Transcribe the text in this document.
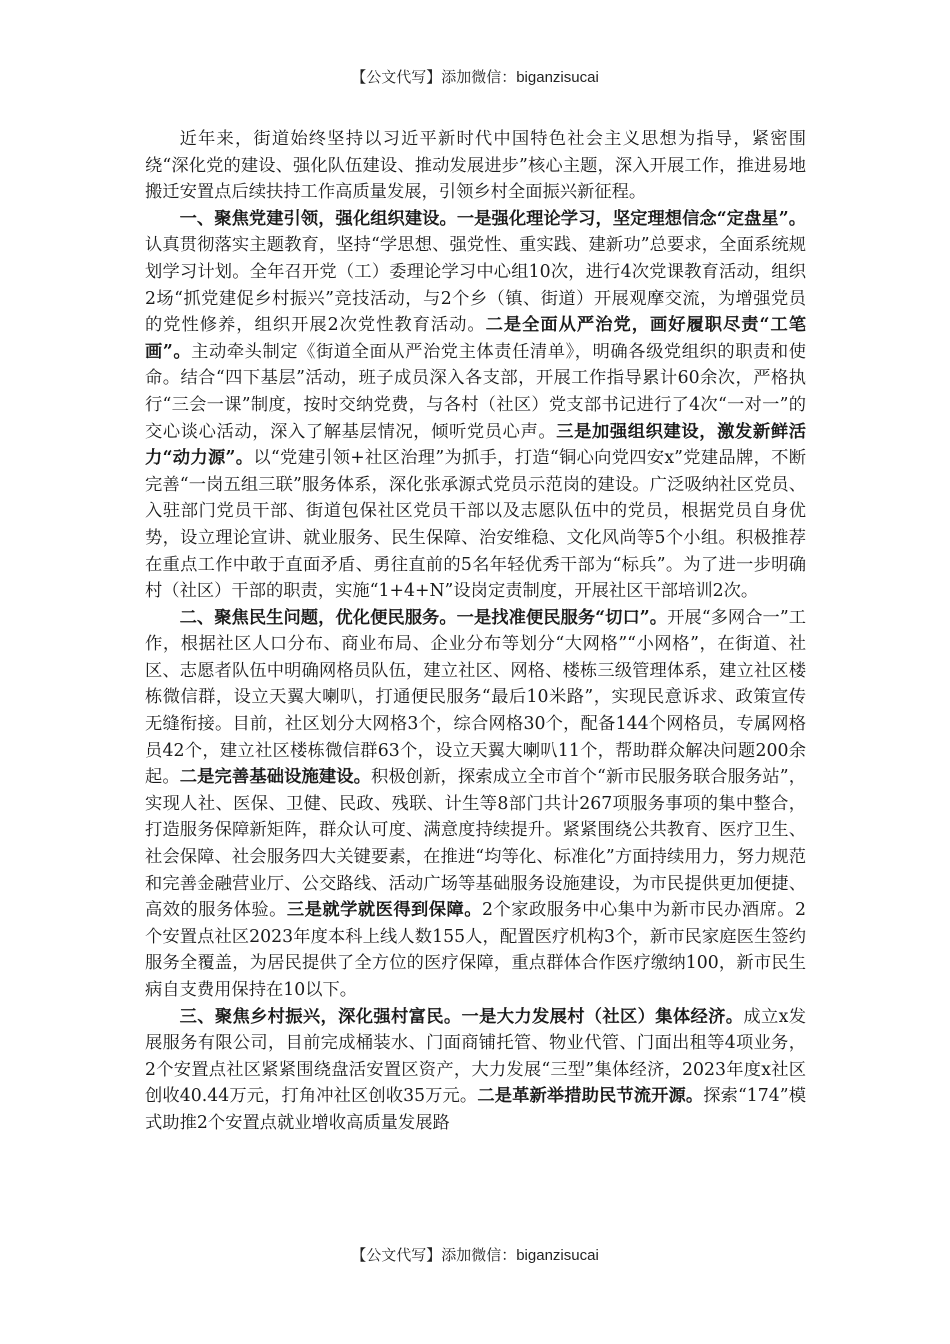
【公文代写】添加微信：biganzisucai

近年来，街道始终坚持以习近平新时代中国特色社会主义思想为指导，紧密围绕“深化党的建设、强化队伍建设、推动发展进步”核心主题，深入开展工作，推进易地搬迁安置点后续扶持工作高质量发展，引领乡村全面振兴新征程。

一、聚焦党建引领，强化组织建设。一是强化理论学习，坚定理想信念“定盘星”。认真贯彻落实主题教育，坚持“学思想、强党性、重实践、建新功”总要求，全面系统规划学习计划。全年召开党（工）委理论学习中心组10次，进行4次党课教育活动，组织2场“抓党建促乡村振兴”竞技活动，与2个乡（镇、街道）开展观摩交流，为增强党员的党性修养，组织开展2次党性教育活动。二是全面从严治党，画好履职尽责“工笔画”。主动牵头制定《街道全面从严治党主体责任清单》，明确各级党组织的职责和使命。结合“四下基层”活动，班子成员深入各支部，开展工作指导累计60余次，严格执行“三会一课”制度，按时交纳党费，与各村（社区）党支部书记进行了4次“一对一”的交心谈心活动，深入了解基层情况，倾听党员心声。三是加强组织建设，激发新鲜活力“动力源”。以“党建引领+社区治理”为抓手，打造“铜心向党四安x”党建品牌，不断完善“一岗五组三联”服务体系，深化张承源式党员示范岗的建设。广泛吸纳社区党员、入驻部门党员干部、街道包保社区党员干部以及志愿队伍中的党员，根据党员自身优势，设立理论宣讲、就业服务、民生保障、治安维稳、文化风尚等5个小组。积极推荐在重点工作中敢于直面矛盾、勇往直前的5名年轻优秀干部为“标兵”。为了进一步明确村（社区）干部的职责，实施“1+4+N”设岗定责制度，开展社区干部培训2次。

二、聚焦民生问题，优化便民服务。一是找准便民服务“切口”。开展“多网合一”工作，根据社区人口分布、商业布局、企业分布等划分“大网格”“小网格”，在街道、社区、志愿者队伍中明确网格员队伍，建立社区、网格、楼栋三级管理体系，建立社区楼栋微信群，设立天翼大喇叭，打通便民服务“最后10米路”，实现民意诉求、政策宣传无缝衔接。目前，社区划分大网格3个，综合网格30个，配备144个网格员，专属网格员42个，建立社区楼栋微信群63个，设立天翼大喇叭11个，帮助群众解决问题200余起。二是完善基础设施建设。积极创新，探索成立全市首个“新市民服务联合服务站”，实现人社、医保、卫健、民政、残联、计生等8部门共计267项服务事项的集中整合，打造服务保障新矩阵，群众认可度、满意度持续提升。紧紧围绕公共教育、医疗卫生、社会保障、社会服务四大关键要素，在推进“均等化、标准化”方面持续用力，努力规范和完善金融营业厅、公交路线、活动广场等基础服务设施建设，为市民提供更加便捷、高效的服务体验。三是就学就医得到保障。2个家政服务中心集中为新市民办酒席。2个安置点社区2023年度本科上线人数155人，配置医疗机构3个，新市民家庭医生签约服务全覆盖，为居民提供了全方位的医疗保障，重点群体合作医疗缴纳100，新市民生病自支费用保持在10以下。

三、聚焦乡村振兴，深化强村富民。一是大力发展村（社区）集体经济。成立x发展服务有限公司，目前完成桶装水、门面商铺托管、物业代管、门面出租等4项业务，2个安置点社区紧紧围绕盘活安置区资产，大力发展“三型”集体经济，2023年度x社区创收40.44万元，打角冲社区创收35万元。二是革新举措助民节流开源。探索“174”模式助推2个安置点就业增收高质量发展路

【公文代写】添加微信：biganzisucai
